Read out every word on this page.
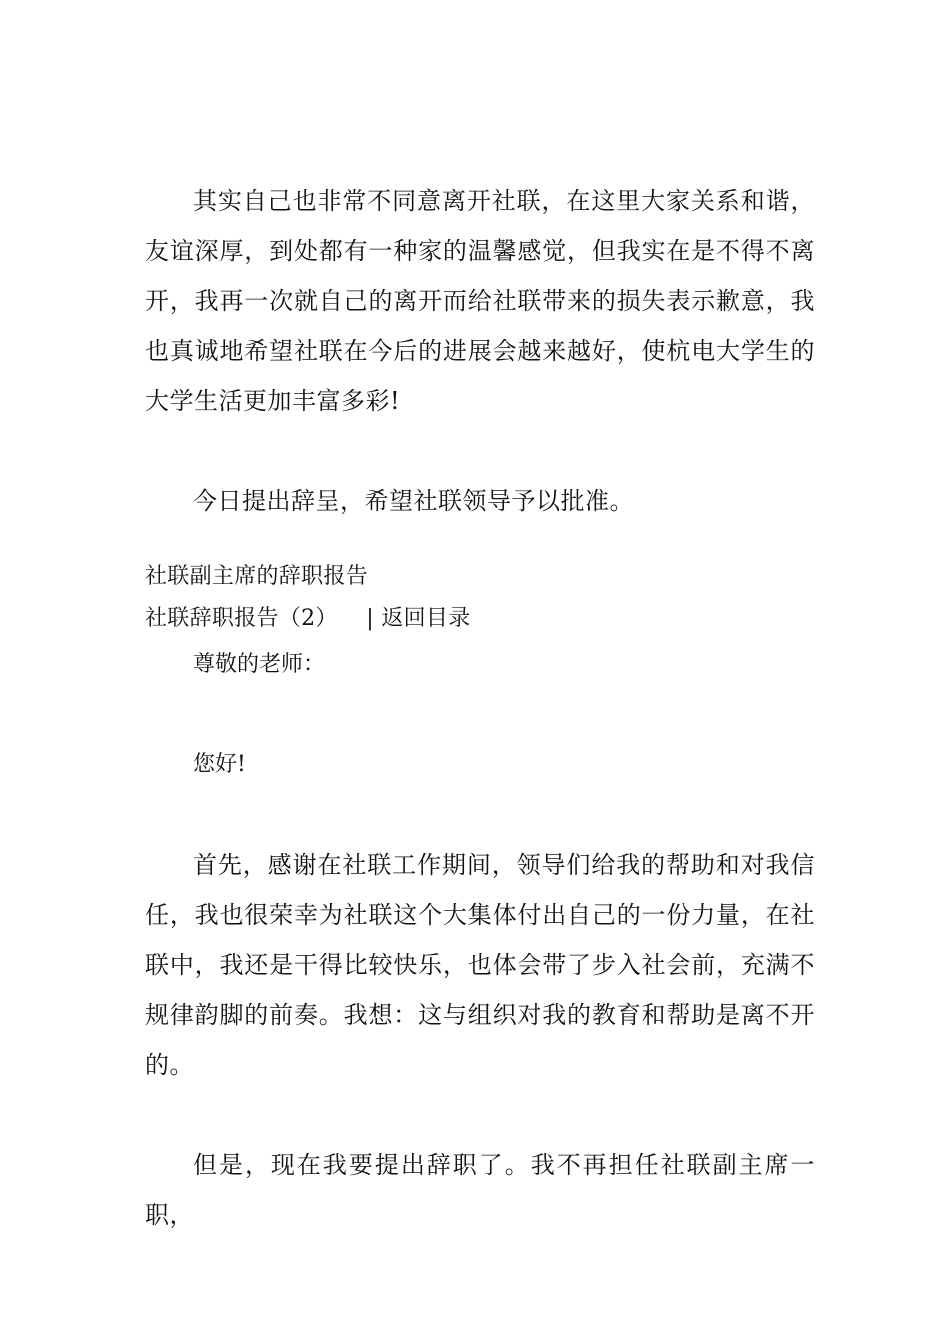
其实自己也非常不同意离开社联，在这里大家关系和谐，友谊深厚，到处都有一种家的温馨感觉，但我实在是不得不离开，我再一次就自己的离开而给社联带来的损失表示歉意，我也真诚地希望社联在今后的进展会越来越好，使杭电大学生的大学生活更加丰富多彩!

今日提出辞呈，希望社联领导予以批准。

社联副主席的辞职报告

社联辞职报告（2） | 返回目录

尊敬的老师：

您好!

首先，感谢在社联工作期间，领导们给我的帮助和对我信任，我也很荣幸为社联这个大集体付出自己的一份力量，在社联中，我还是干得比较快乐，也体会带了步入社会前，充满不规律韵脚的前奏。我想：这与组织对我的教育和帮助是离不开的。

但是，现在我要提出辞职了。我不再担任社联副主席一职，
